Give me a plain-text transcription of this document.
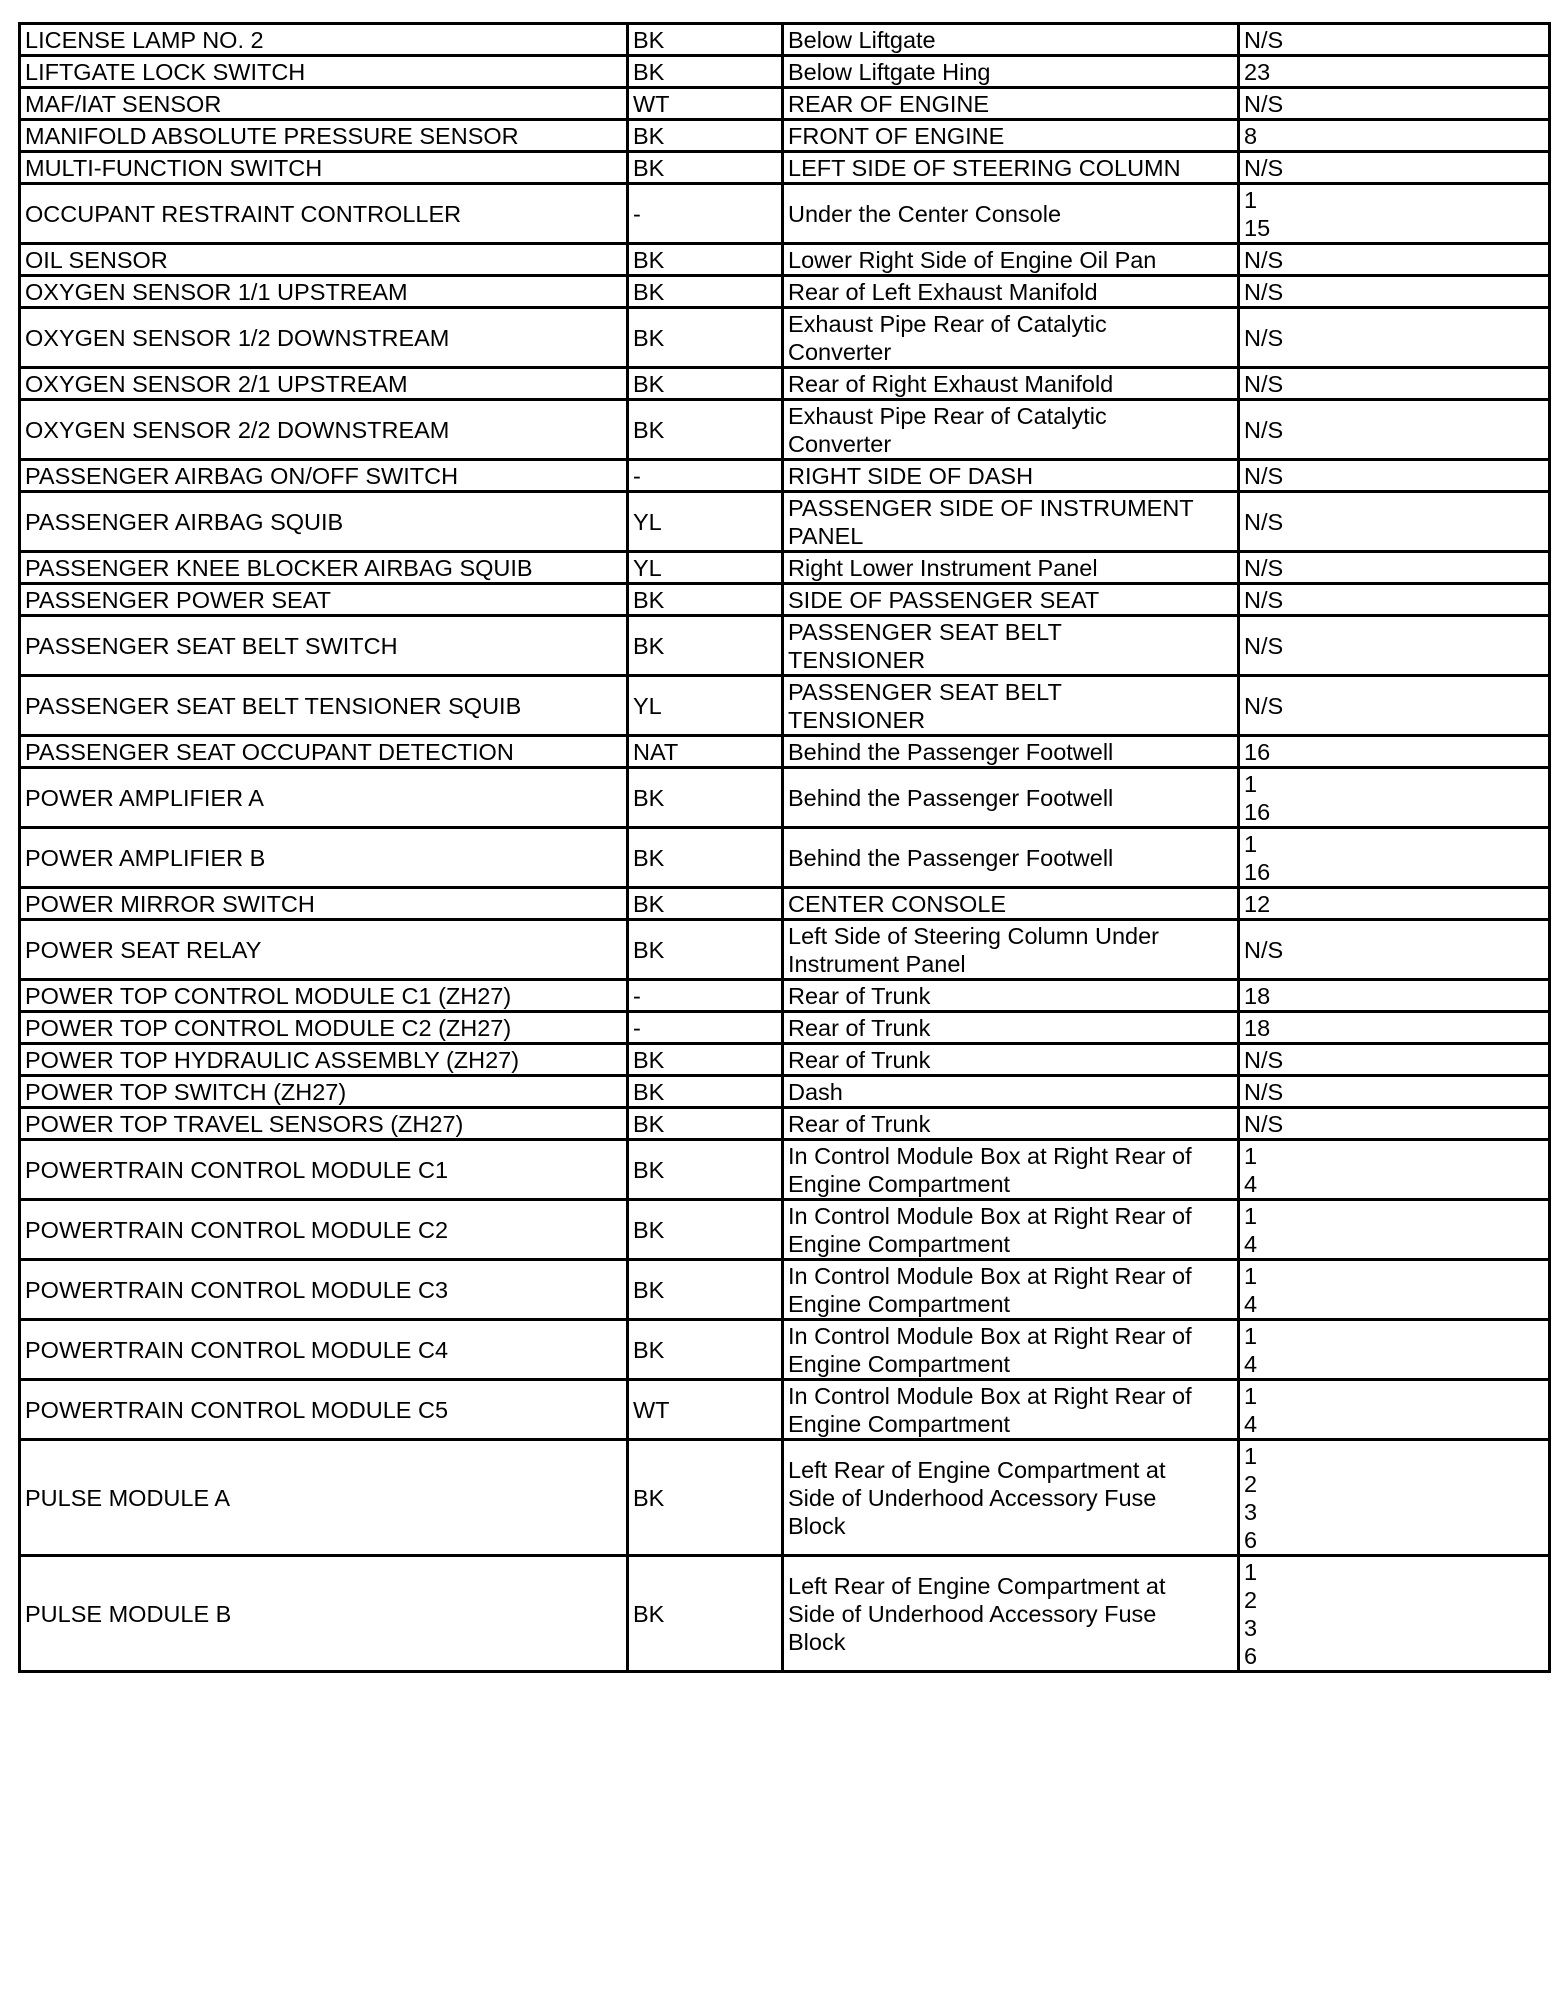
LICENSE LAMP NO. 2	BK	Below Liftgate	N/S

LIFTGATE LOCK SWITCH	BK	Below Liftgate Hing	23

MAF/IAT SENSOR	WT	REAR OF ENGINE	N/S

MANIFOLD ABSOLUTE PRESSURE SENSOR	BK	FRONT OF ENGINE	8

MULTI-FUNCTION SWITCH	BK	LEFT SIDE OF STEERING COLUMN	N/S

OCCUPANT RESTRAINT CONTROLLER	-	Under the Center Console	1
15

OIL SENSOR	BK	Lower Right Side of Engine Oil Pan	N/S

OXYGEN SENSOR 1/1 UPSTREAM	BK	Rear of Left Exhaust Manifold	N/S

OXYGEN SENSOR 1/2 DOWNSTREAM	BK	Exhaust Pipe Rear of Catalytic
Converter	N/S

OXYGEN SENSOR 2/1 UPSTREAM	BK	Rear of Right Exhaust Manifold	N/S

OXYGEN SENSOR 2/2 DOWNSTREAM	BK	Exhaust Pipe Rear of Catalytic
Converter	N/S

PASSENGER AIRBAG ON/OFF SWITCH	-	RIGHT SIDE OF DASH	N/S

PASSENGER AIRBAG SQUIB	YL	PASSENGER SIDE OF INSTRUMENT
PANEL	N/S

PASSENGER KNEE BLOCKER AIRBAG SQUIB	YL	Right Lower Instrument Panel	N/S

PASSENGER POWER SEAT	BK	SIDE OF PASSENGER SEAT	N/S

PASSENGER SEAT BELT SWITCH	BK	PASSENGER SEAT BELT
TENSIONER	N/S

PASSENGER SEAT BELT TENSIONER SQUIB	YL	PASSENGER SEAT BELT
TENSIONER	N/S

PASSENGER SEAT OCCUPANT DETECTION	NAT	Behind the Passenger Footwell	16

POWER AMPLIFIER A	BK	Behind the Passenger Footwell	1
16

POWER AMPLIFIER B	BK	Behind the Passenger Footwell	1
16

POWER MIRROR SWITCH	BK	CENTER CONSOLE	12

POWER SEAT RELAY	BK	Left Side of Steering Column Under
Instrument Panel	N/S

POWER TOP CONTROL MODULE C1 (ZH27)	-	Rear of Trunk	18

POWER TOP CONTROL MODULE C2 (ZH27)	-	Rear of Trunk	18

POWER TOP HYDRAULIC ASSEMBLY (ZH27)	BK	Rear of Trunk	N/S

POWER TOP SWITCH (ZH27)	BK	Dash	N/S

POWER TOP TRAVEL SENSORS (ZH27)	BK	Rear of Trunk	N/S

POWERTRAIN CONTROL MODULE C1	BK	In Control Module Box at Right Rear of
Engine Compartment	1
4

POWERTRAIN CONTROL MODULE C2	BK	In Control Module Box at Right Rear of
Engine Compartment	1
4

POWERTRAIN CONTROL MODULE C3	BK	In Control Module Box at Right Rear of
Engine Compartment	1
4

POWERTRAIN CONTROL MODULE C4	BK	In Control Module Box at Right Rear of
Engine Compartment	1
4

POWERTRAIN CONTROL MODULE C5	WT	In Control Module Box at Right Rear of
Engine Compartment	1
4

PULSE MODULE A	BK	Left Rear of Engine Compartment at
Side of Underhood Accessory Fuse
Block	1
2
3
6

PULSE MODULE B	BK	Left Rear of Engine Compartment at
Side of Underhood Accessory Fuse
Block	1
2
3
6
